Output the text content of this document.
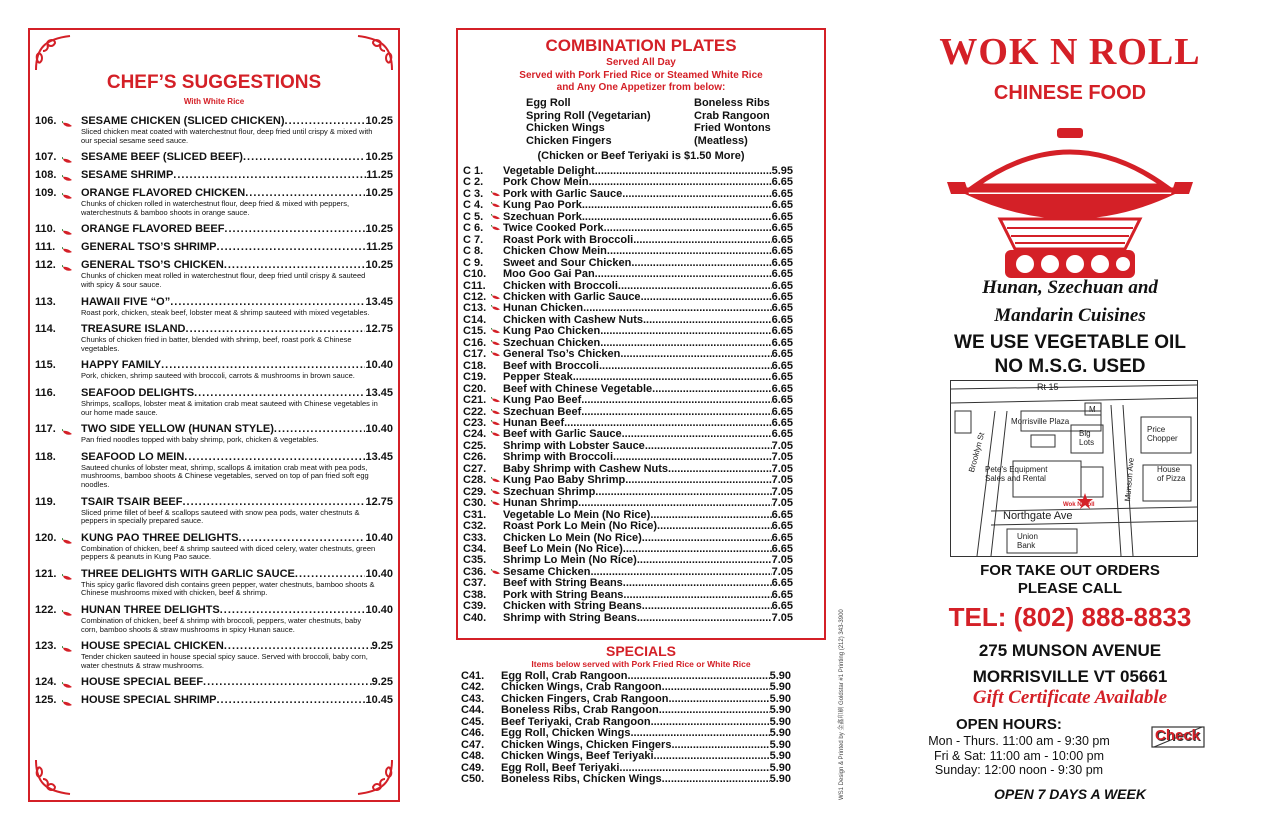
CHEF’S SUGGESTIONS
With White Rice
106. SESAME CHICKEN (SLICED CHICKEN) .....	10.25
Sliced chicken meat coated with waterchestnut flour, deep fried until crispy & mixed with our special sesame seed sauce.
107. SESAME BEEF (SLICED BEEF) .....	10.25
108. SESAME SHRIMP .....	11.25
109. ORANGE FLAVORED CHICKEN .....	10.25
Chunks of chicken rolled in waterchestnut flour, deep fried & mixed with peppers, waterchestnuts & bamboo shoots in orange sauce.
110. ORANGE FLAVORED BEEF .....	10.25
111. GENERAL TSO’S SHRIMP .....	11.25
112. GENERAL TSO’S CHICKEN .....	10.25
Chunks of chicken meat rolled in waterchestnut flour, deep fried until crispy & sauteed with spicy & sour sauce.
113. HAWAII FIVE “O” .....	13.45
Roast pork, chicken, steak beef, lobster meat & shrimp sauteed with mixed vegetables.
114. TREASURE ISLAND .....	12.75
Chunks of chicken fried in batter, blended with shrimp, beef, roast pork & Chinese vegetables.
115. HAPPY FAMILY .....	10.40
Pork, chicken, shrimp sauteed with broccoli, carrots & mushrooms in brown sauce.
116. SEAFOOD DELIGHTS .....	13.45
Shrimps, scallops, lobster meat & imitation crab meat sauteed with Chinese vegetables in our home made sauce.
117. TWO SIDE YELLOW (HUNAN STYLE) .....	10.40
Pan fried noodles topped with baby shrimp, pork, chicken & vegetables.
118. SEAFOOD LO MEIN .....	13.45
Sauteed chunks of lobster meat, shrimp, scallops & imitation crab meat with pea pods, mushrooms, bamboo shoots & Chinese vegetables, served on top of pan fried soft egg noodles.
119. TSAIR TSAIR BEEF .....	12.75
Sliced prime fillet of beef & scallops sauteed with snow pea pods, water chestnuts & peppers in specially prepared sauce.
120. KUNG PAO THREE DELIGHTS .....	10.40
Combination of chicken, beef & shrimp sauteed with diced celery, water chestnuts, green peppers & peanuts in Kung Pao sauce.
121. THREE DELIGHTS WITH GARLIC SAUCE .....	10.40
This spicy garlic flavored dish contains green pepper, water chestnuts, bamboo shoots & Chinese mushrooms mixed with chicken, beef & shrimp.
122. HUNAN THREE DELIGHTS .....	10.40
Combination of chicken, beef & shrimp with broccoli, peppers, water chestnuts, baby corn, bamboo shoots & straw mushrooms in spicy Hunan sauce.
123. HOUSE SPECIAL CHICKEN .....	9.25
Tender chicken sauteed in house special spicy sauce. Served with broccoli, baby corn, water chestnuts & straw mushrooms.
124. HOUSE SPECIAL BEEF .....	9.25
125. HOUSE SPECIAL SHRIMP .....	10.45
COMBINATION PLATES
Served All Day
Served with Pork Fried Rice or Steamed White Rice
and Any One Appetizer from below:
Egg Roll
Spring Roll (Vegetarian)
Chicken Wings
Chicken Fingers
Boneless Ribs
Crab Rangoon
Fried Wontons
(Meatless)
(Chicken or Beef Teriyaki is $1.50 More)
C 1.	Vegetable Delight .....	5.95
C 2.	Pork Chow Mein .....	6.65
C 3.	Pork with Garlic Sauce .....	6.65
C 4.	Kung Pao Pork .....	6.65
C 5.	Szechuan Pork .....	6.65
C 6.	Twice Cooked Pork .....	6.65
C 7.	Roast Pork with Broccoli .....	6.65
C 8.	Chicken Chow Mein .....	6.65
C 9.	Sweet and Sour Chicken .....	6.65
C10.	Moo Goo Gai Pan .....	6.65
C11.	Chicken with Broccoli .....	6.65
C12.	Chicken with Garlic Sauce .....	6.65
C13.	Hunan Chicken .....	6.65
C14.	Chicken with Cashew Nuts .....	6.65
C15.	Kung Pao Chicken .....	6.65
C16.	Szechuan Chicken .....	6.65
C17.	General Tso’s Chicken .....	6.65
C18.	Beef with Broccoli .....	6.65
C19.	Pepper Steak .....	6.65
C20.	Beef with Chinese Vegetable .....	6.65
C21.	Kung Pao Beef .....	6.65
C22.	Szechuan Beef .....	6.65
C23.	Hunan Beef .....	6.65
C24.	Beef with Garlic Sauce .....	6.65
C25.	Shrimp with Lobster Sauce .....	7.05
C26.	Shrimp with Broccoli .....	7.05
C27.	Baby Shrimp with Cashew Nuts .....	7.05
C28.	Kung Pao Baby Shrimp .....	7.05
C29.	Szechuan Shrimp .....	7.05
C30.	Hunan Shrimp .....	7.05
C31.	Vegetable Lo Mein (No Rice) .....	6.65
C32.	Roast Pork Lo Mein (No Rice) .....	6.65
C33.	Chicken Lo Mein (No Rice) .....	6.65
C34.	Beef Lo Mein (No Rice) .....	6.65
C35.	Shrimp Lo Mein (No Rice) .....	7.05
C36.	Sesame Chicken .....	7.05
C37.	Beef with String Beans .....	6.65
C38.	Pork with String Beans .....	6.65
C39.	Chicken with String Beans .....	6.65
C40.	Shrimp with String Beans .....	7.05
SPECIALS
Items below served with Pork Fried Rice or White Rice
C41.	Egg Roll, Crab Rangoon .....	5.90
C42.	Chicken Wings, Crab Rangoon .....	5.90
C43.	Chicken Fingers, Crab Rangoon .....	5.90
C44.	Boneless Ribs, Crab Rangoon .....	5.90
C45.	Beef Teriyaki, Crab Rangoon .....	5.90
C46.	Egg Roll, Chicken Wings .....	5.90
C47.	Chicken Wings, Chicken Fingers .....	5.90
C48.	Chicken Wings, Beef Teriyaki .....	5.90
C49.	Egg Roll, Beef Teriyaki .....	5.90
C50.	Boneless Ribs, Chicken Wings .....	5.90	WS1 Design & Printed by 金鑫印刷 Goldstar #1 Printing (212) 343-3900
WOK N ROLL
CHINESE FOOD
Hunan, Szechuan and
Mandarin Cuisines
WE USE VEGETABLE OIL
NO M.S.G. USED
Rt 15
M
Morrisville Plaza
Big
Lots
Price
Chopper
Brooklyn St
Munson Ave
Pete's Equipment
Sales and Rental
House
of Pizza
Wok N Roll
Northgate Ave
Union
Bank
FOR TAKE OUT ORDERS
PLEASE CALL
TEL: (802) 888-8833
275 MUNSON AVENUE
MORRISVILLE VT 05661
Gift Certificate Available
OPEN HOURS:
Mon - Thurs. 11:00 am - 9:30 pm
Fri & Sat: 11:00 am - 10:00 pm
Sunday: 12:00 noon - 9:30 pm
Check
OPEN 7 DAYS A WEEK
